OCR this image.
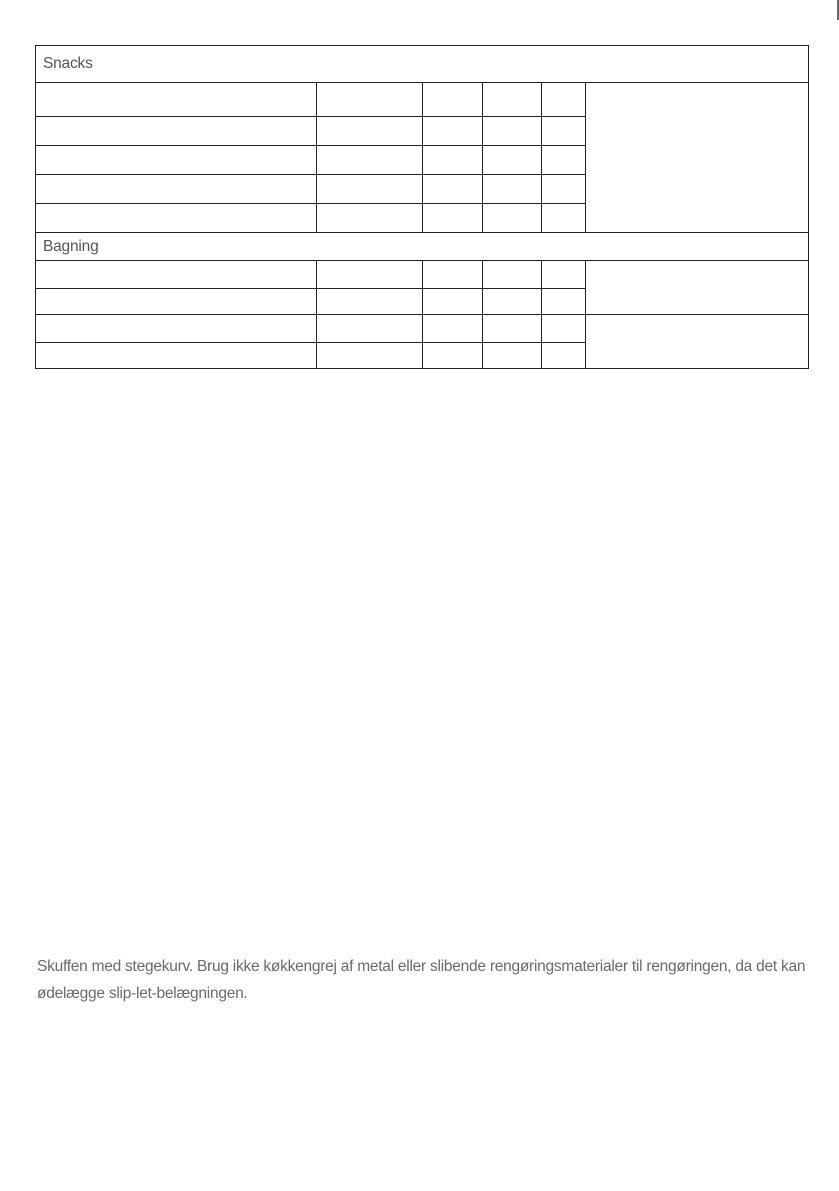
Snacks					

Bagning					

Skuffen med stegekurv. Brug ikke køkkengrej af metal eller slibende rengøringsmaterialer til rengøringen, da det kan ødelægge slip-let-belægningen.
